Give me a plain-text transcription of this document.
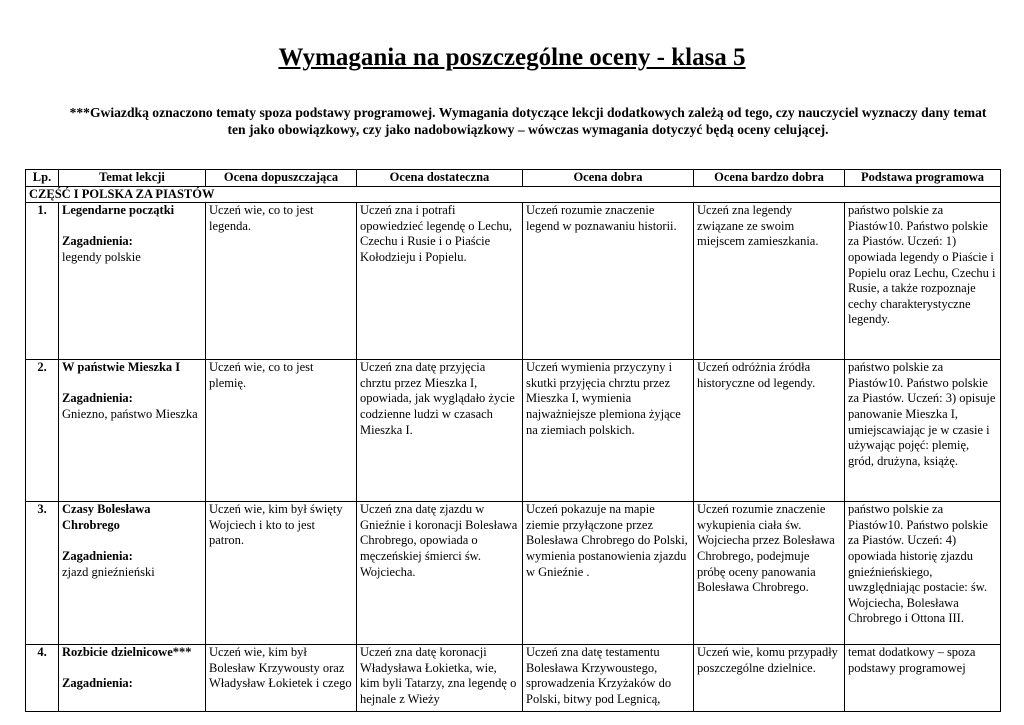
Wymagania na poszczególne oceny - klasa 5
***Gwiazdką oznaczono tematy spoza podstawy programowej. Wymagania dotyczące lekcji dodatkowych zależą od tego, czy nauczyciel wyznaczy dany temat ten jako obowiązkowy, czy jako nadobowiązkowy – wówczas wymagania dotyczyć będą oceny celującej.
Lp.	Temat lekcji	Ocena dopuszczająca	Ocena dostateczna	Ocena dobra	Ocena bardzo dobra	Podstawa programowa
CZĘŚĆ I POLSKA ZA PIASTÓW						
1.	Legendarne początki
Zagadnienia:
legendy polskie	Uczeń wie, co to jest legenda.	Uczeń zna i potrafi opowiedzieć legendę o Lechu, Czechu i Rusie i o Piaście Kołodzieju i Popielu.	Uczeń rozumie znaczenie legend w poznawaniu historii.	Uczeń zna legendy związane ze swoim miejscem zamieszkania.	państwo polskie za Piastów10. Państwo polskie za Piastów. Uczeń: 1) opowiada legendy o Piaście i Popielu oraz Lechu, Czechu i Rusie, a także rozpoznaje cechy charakterystyczne legendy.
2.	W państwie Mieszka I
Zagadnienia:
Gniezno, państwo Mieszka	Uczeń wie, co to jest plemię.	Uczeń zna datę przyjęcia chrztu przez Mieszka I, opowiada, jak wyglądało życie codzienne ludzi w czasach Mieszka I.	Uczeń wymienia przyczyny i skutki przyjęcia chrztu przez Mieszka I, wymienia najważniejsze plemiona żyjące na ziemiach polskich.	Uczeń odróżnia źródła historyczne od legendy.	państwo polskie za Piastów10. Państwo polskie za Piastów. Uczeń: 3) opisuje panowanie Mieszka I, umiejscawiając je w czasie i używając pojęć: plemię, gród, drużyna, książę.
3.	Czasy Bolesława Chrobrego
Zagadnienia:
zjazd gnieźnieński	Uczeń wie, kim był święty Wojciech i kto to jest patron.	Uczeń zna datę zjazdu w Gnieźnie i koronacji Bolesława Chrobrego, opowiada o męczeńskiej śmierci św. Wojciecha.	Uczeń pokazuje na mapie ziemie przyłączone przez Bolesława Chrobrego do Polski, wymienia postanowienia zjazdu w Gnieźnie .	Uczeń rozumie znaczenie wykupienia ciała św. Wojciecha przez Bolesława Chrobrego, podejmuje próbę oceny panowania Bolesława Chrobrego.	państwo polskie za Piastów10. Państwo polskie za Piastów. Uczeń: 4) opowiada historię zjazdu gnieźnieńskiego, uwzględniając postacie: św. Wojciecha, Bolesława Chrobrego i Ottona III.
4.	Rozbicie dzielnicowe***
Zagadnienia:	Uczeń wie, kim był Bolesław Krzywousty oraz Władysław Łokietek i czego	Uczeń zna datę koronacji Władysława Łokietka, wie, kim byli Tatarzy, zna legendę o hejnale z Wieży	Uczeń zna datę testamentu Bolesława Krzywoustego, sprowadzenia Krzyżaków do Polski, bitwy pod Legnicą,	Uczeń wie, komu przypadły poszczególne dzielnice.	temat dodatkowy – spoza podstawy programowej
